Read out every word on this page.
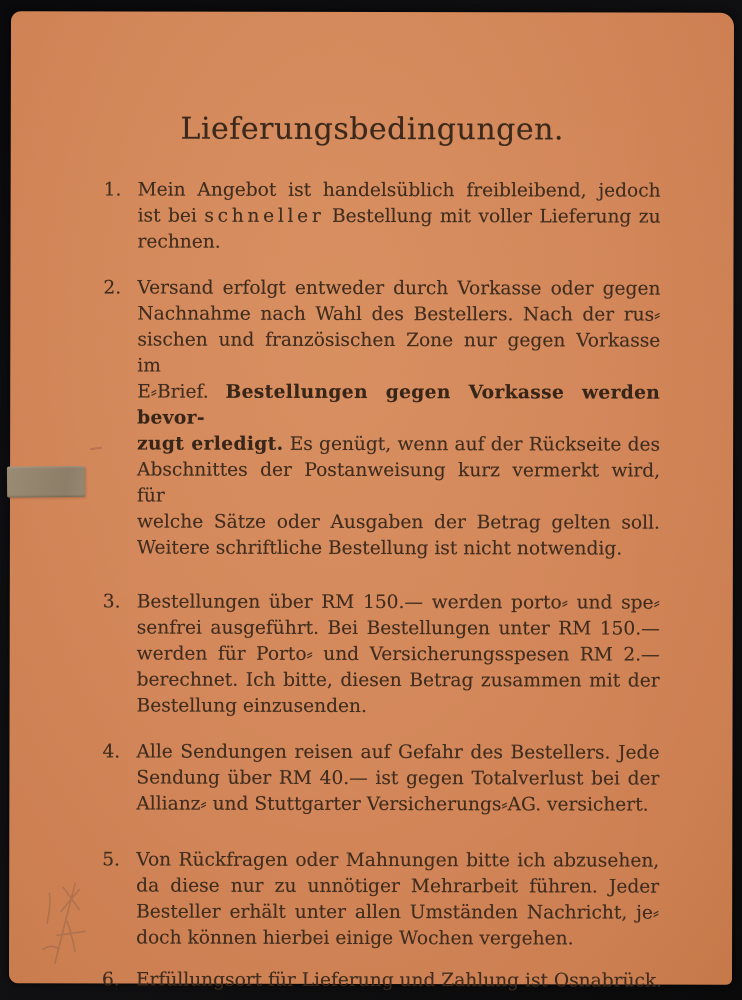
Lieferungsbedingungen.
1. Mein Angebot ist handelsüblich freibleibend, jedoch
ist bei schneller Bestellung mit voller Lieferung zu
rechnen.
2. Versand erfolgt entweder durch Vorkasse oder gegen
Nachnahme nach Wahl des Bestellers. Nach der rus⸗
sischen und französischen Zone nur gegen Vorkasse im
E⸗Brief. Bestellungen gegen Vorkasse werden bevor-
zugt erledigt. Es genügt, wenn auf der Rückseite des
Abschnittes der Postanweisung kurz vermerkt wird, für
welche Sätze oder Ausgaben der Betrag gelten soll.
Weitere schriftliche Bestellung ist nicht notwendig.
3. Bestellungen über RM 150.— werden porto⸗ und spe⸗
senfrei ausgeführt. Bei Bestellungen unter RM 150.—
werden für Porto⸗ und Versicherungsspesen RM 2.—
berechnet. Ich bitte, diesen Betrag zusammen mit der
Bestellung einzusenden.
4. Alle Sendungen reisen auf Gefahr des Bestellers. Jede
Sendung über RM 40.— ist gegen Totalverlust bei der
Allianz⸗ und Stuttgarter Versicherungs⸗AG. versichert.
5. Von Rückfragen oder Mahnungen bitte ich abzusehen,
da diese nur zu unnötiger Mehrarbeit führen. Jeder
Besteller erhält unter allen Umständen Nachricht, je⸗
doch können hierbei einige Wochen vergehen.
6. Erfüllungsort für Lieferung und Zahlung ist Osnabrück.
